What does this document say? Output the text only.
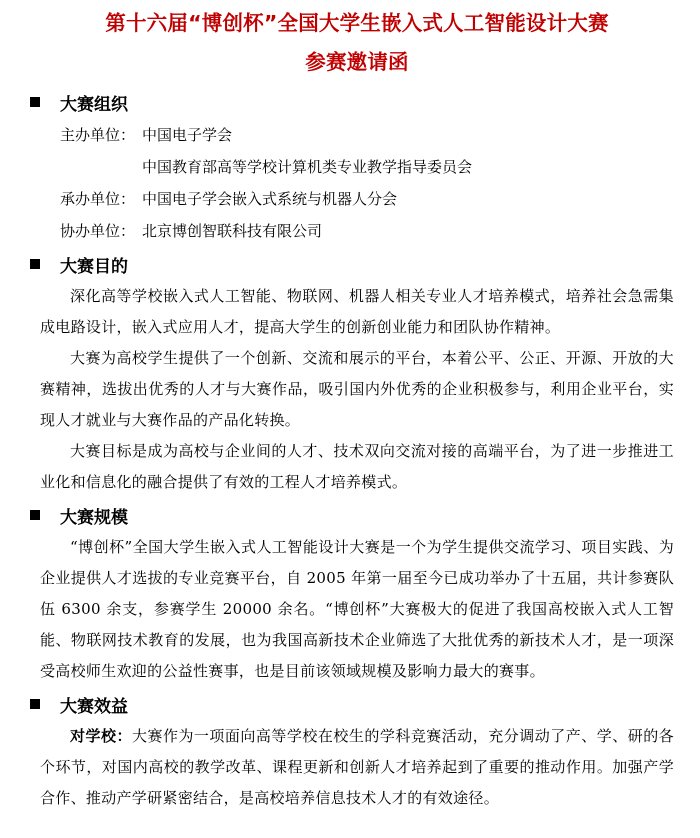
第十六届“博创杯”全国大学生嵌入式人工智能设计大赛
参赛邀请函
大赛组织
主办单位： 中国电子学会
中国教育部高等学校计算机类专业教学指导委员会
承办单位： 中国电子学会嵌入式系统与机器人分会
协办单位： 北京博创智联科技有限公司
大赛目的

深化高等学校嵌入式人工智能、物联网、机器人相关专业人才培养模式，培养社会急需集成电路设计，嵌入式应用人才，提高大学生的创新创业能力和团队协作精神。

大赛为高校学生提供了一个创新、交流和展示的平台，本着公平、公正、开源、开放的大赛精神，选拔出优秀的人才与大赛作品，吸引国内外优秀的企业积极参与，利用企业平台，实现人才就业与大赛作品的产品化转换。

大赛目标是成为高校与企业间的人才、技术双向交流对接的高端平台，为了进一步推进工业化和信息化的融合提供了有效的工程人才培养模式。

大赛规模

“博创杯”全国大学生嵌入式人工智能设计大赛是一个为学生提供交流学习、项目实践、为企业提供人才选拔的专业竞赛平台，自 2005 年第一届至今已成功举办了十五届，共计参赛队伍 6300 余支，参赛学生 20000 余名。“博创杯”大赛极大的促进了我国高校嵌入式人工智能、物联网技术教育的发展，也为我国高新技术企业筛选了大批优秀的新技术人才，是一项深受高校师生欢迎的公益性赛事，也是目前该领域规模及影响力最大的赛事。

大赛效益

对学校：大赛作为一项面向高等学校在校生的学科竞赛活动，充分调动了产、学、研的各个环节，对国内高校的教学改革、课程更新和创新人才培养起到了重要的推动作用。加强产学合作、推动产学研紧密结合，是高校培养信息技术人才的有效途径。
